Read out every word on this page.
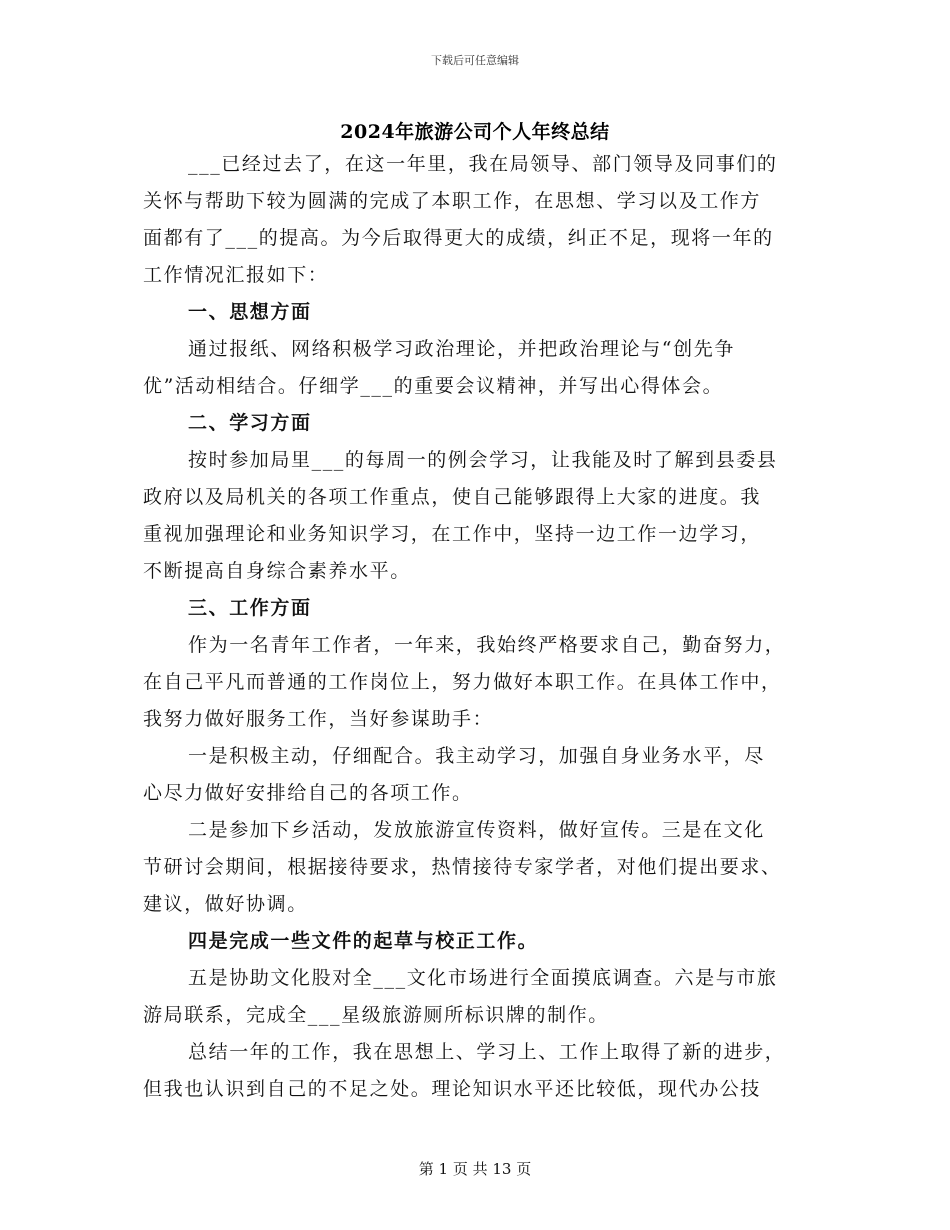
下载后可任意编辑
2024年旅游公司个人年终总结
___已经过去了，在这一年里，我在局领导、部门领导及同事们的
关怀与帮助下较为圆满的完成了本职工作，在思想、学习以及工作方
面都有了___的提高。为今后取得更大的成绩，纠正不足，现将一年的
工作情况汇报如下：
一、思想方面
通过报纸、网络积极学习政治理论，并把政治理论与“创先争
优”活动相结合。仔细学___的重要会议精神，并写出心得体会。
二、学习方面
按时参加局里___的每周一的例会学习，让我能及时了解到县委县
政府以及局机关的各项工作重点，使自己能够跟得上大家的进度。我
重视加强理论和业务知识学习，在工作中，坚持一边工作一边学习，
不断提高自身综合素养水平。
三、工作方面
作为一名青年工作者，一年来，我始终严格要求自己，勤奋努力，
在自己平凡而普通的工作岗位上，努力做好本职工作。在具体工作中，
我努力做好服务工作，当好参谋助手：
一是积极主动，仔细配合。我主动学习，加强自身业务水平，尽
心尽力做好安排给自己的各项工作。
二是参加下乡活动，发放旅游宣传资料，做好宣传。三是在文化
节研讨会期间，根据接待要求，热情接待专家学者，对他们提出要求、
建议，做好协调。
四是完成一些文件的起草与校正工作。
五是协助文化股对全___文化市场进行全面摸底调查。六是与市旅
游局联系，完成全___星级旅游厕所标识牌的制作。
总结一年的工作，我在思想上、学习上、工作上取得了新的进步，
但我也认识到自己的不足之处。理论知识水平还比较低，现代办公技
第 1 页 共 13 页
